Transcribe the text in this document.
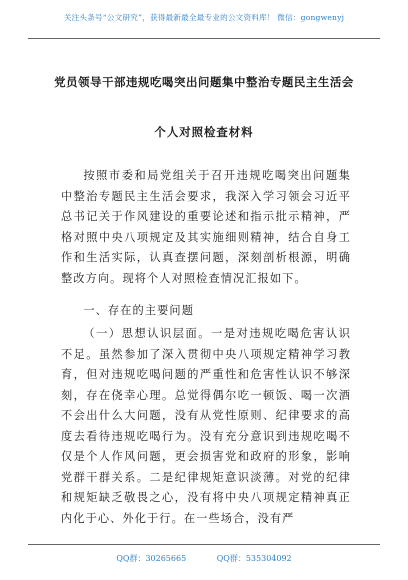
关注头条号“公文研究”，获得最新最全最专业的公文资料库！ 微信：gongwenyj
党员领导干部违规吃喝突出问题集中整治专题民主生活会
个人对照检查材料

按照市委和局党组关于召开违规吃喝突出问题集中整治专题民主生活会要求，我深入学习领会习近平总书记关于作风建设的重要论述和指示批示精神，严格对照中央八项规定及其实施细则精神，结合自身工作和生活实际，认真查摆问题，深刻剖析根源，明确整改方向。现将个人对照检查情况汇报如下。

一、存在的主要问题

（一）思想认识层面。一是对违规吃喝危害认识不足。虽然参加了深入贯彻中央八项规定精神学习教育，但对违规吃喝问题的严重性和危害性认识不够深刻，存在侥幸心理。总觉得偶尔吃一顿饭、喝一次酒不会出什么大问题，没有从党性原则、纪律要求的高度去看待违规吃喝行为。没有充分意识到违规吃喝不仅是个人作风问题，更会损害党和政府的形象，影响党群干群关系。二是纪律规矩意识淡薄。对党的纪律和规矩缺乏敬畏之心，没有将中央八项规定精神真正内化于心、外化于行。在一些场合，没有严

QQ群：30265665	QQ群：535304092
